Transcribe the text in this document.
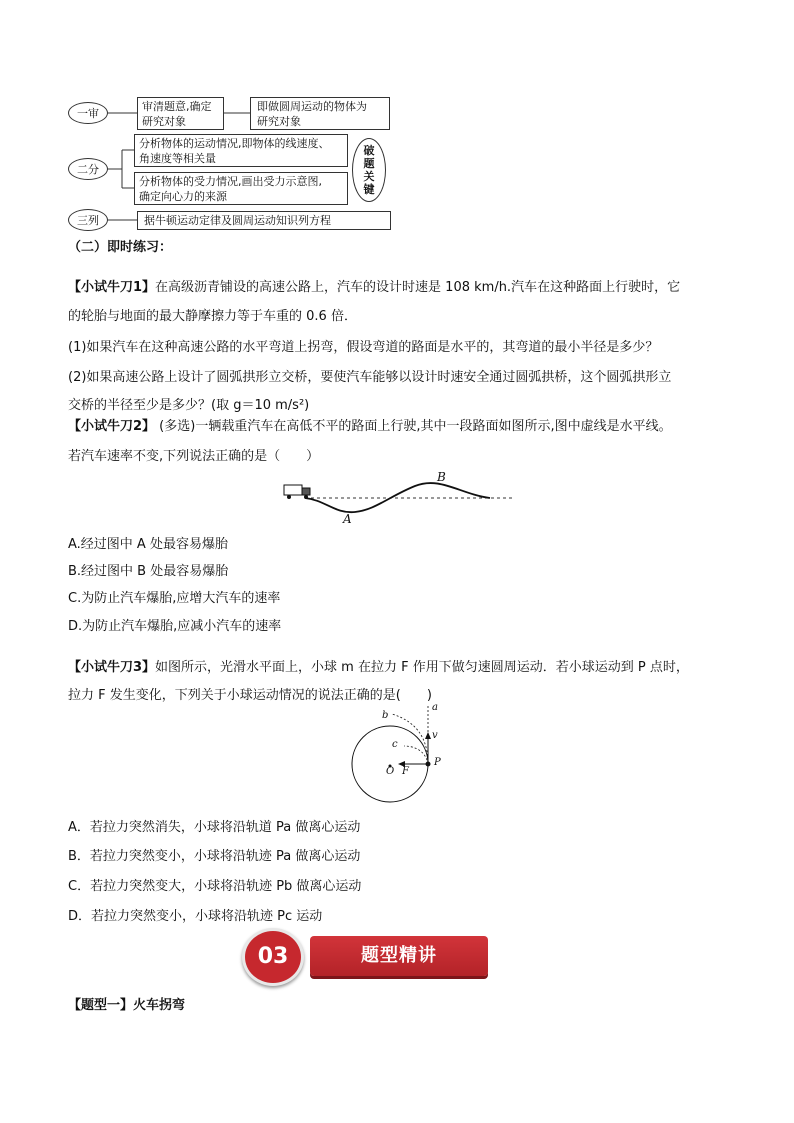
一审
二分
三列
审清题意,确定
研究对象
即做圆周运动的物体为
研究对象
分析物体的运动情况,即物体的线速度、
角速度等相关量
分析物体的受力情况,画出受力示意图,
确定向心力的来源
据牛顿运动定律及圆周运动知识列方程
破
题
关
键
（二）即时练习：
【小试牛刀1】在高级沥青铺设的高速公路上，汽车的设计时速是 108 km/h.汽车在这种路面上行驶时，它
的轮胎与地面的最大静摩擦力等于车重的 0.6 倍．
(1)如果汽车在这种高速公路的水平弯道上拐弯，假设弯道的路面是水平的，其弯道的最小半径是多少？
(2)如果高速公路上设计了圆弧拱形立交桥，要使汽车能够以设计时速安全通过圆弧拱桥，这个圆弧拱形立
交桥的半径至少是多少？(取 g＝10 m/s²)
【小试牛刀2】 (多选)一辆载重汽车在高低不平的路面上行驶,其中一段路面如图所示,图中虚线是水平线。
若汽车速率不变,下列说法正确的是（　　）
A
B
A.经过图中 A 处最容易爆胎
B.经过图中 B 处最容易爆胎
C.为防止汽车爆胎,应增大汽车的速率
D.为防止汽车爆胎,应减小汽车的速率
【小试牛刀3】如图所示，光滑水平面上，小球 m 在拉力 F 作用下做匀速圆周运动．若小球运动到 P 点时，
拉力 F 发生变化，下列关于小球运动情况的说法正确的是(　　)
a
b
c
v
O F
P
A．若拉力突然消失，小球将沿轨道 Pa 做离心运动
B．若拉力突然变小，小球将沿轨迹 Pa 做离心运动
C．若拉力突然变大，小球将沿轨迹 Pb 做离心运动
D．若拉力突然变小，小球将沿轨迹 Pc 运动
题型精讲
03
【题型一】火车拐弯
